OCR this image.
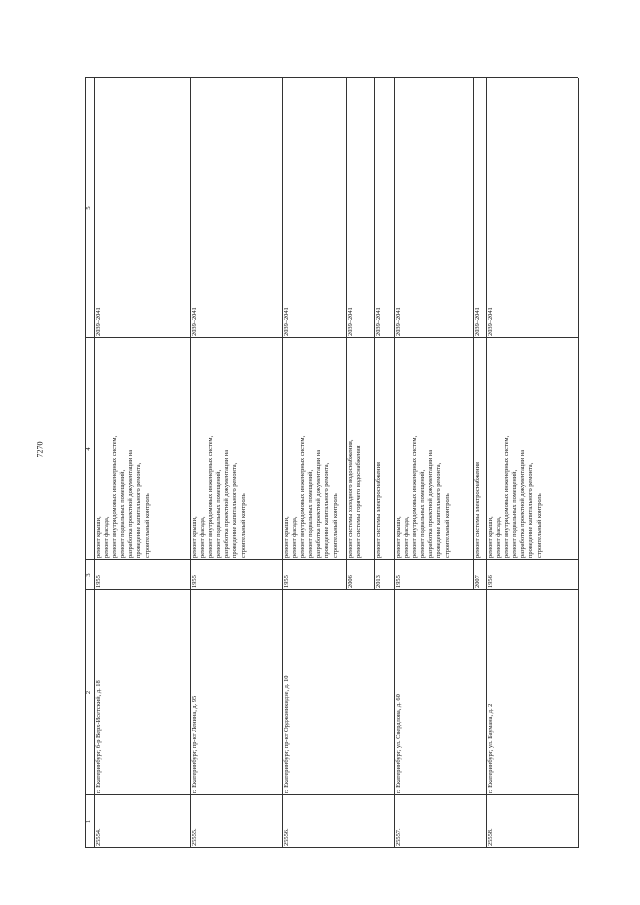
7270
1
2
3
4
5
25554.
г. Екатеринбург, б-р Верх-Исетский, д. 18
1955
ремонт крыши,
ремонт фасада,
ремонт внутридомовых инженерных систем,
ремонт подвальных помещений,
разработка проектной документации на
проведение капитального ремонта,
строительный контроль
2039–2041
25555.
г. Екатеринбург, пр-кт Ленина, д. 95
1955
ремонт крыши,
ремонт фасада,
ремонт внутридомовых инженерных систем,
ремонт подвальных помещений,
разработка проектной документации на
проведение капитального ремонта,
строительный контроль
2039–2041
25556.
г. Екатеринбург, пр-кт Орджоникидзе, д. 10
1955
ремонт крыши,
ремонт фасада,
ремонт внутридомовых инженерных систем,
ремонт подвальных помещений,
разработка проектной документации на
проведение капитального ремонта,
строительный контроль
2039–2041
2006
ремонт системы холодного водоснабжения,
ремонт системы горячего водоснабжения
2039–2041
2013
ремонт системы электроснабжения
2039–2041
25557.
г. Екатеринбург, ул. Свердлова, д. 60
1955
ремонт крыши,
ремонт фасада,
ремонт внутридомовых инженерных систем,
ремонт подвальных помещений,
разработка проектной документации на
проведение капитального ремонта,
строительный контроль
2039–2041
2007
ремонт системы электроснабжения
2039–2041
25558.
г. Екатеринбург, ул. Баумана, д. 2
1956
ремонт крыши,
ремонт фасада,
ремонт внутридомовых инженерных систем,
ремонт подвальных помещений,
разработка проектной документации на
проведение капитального ремонта,
строительный контроль
2039–2041
